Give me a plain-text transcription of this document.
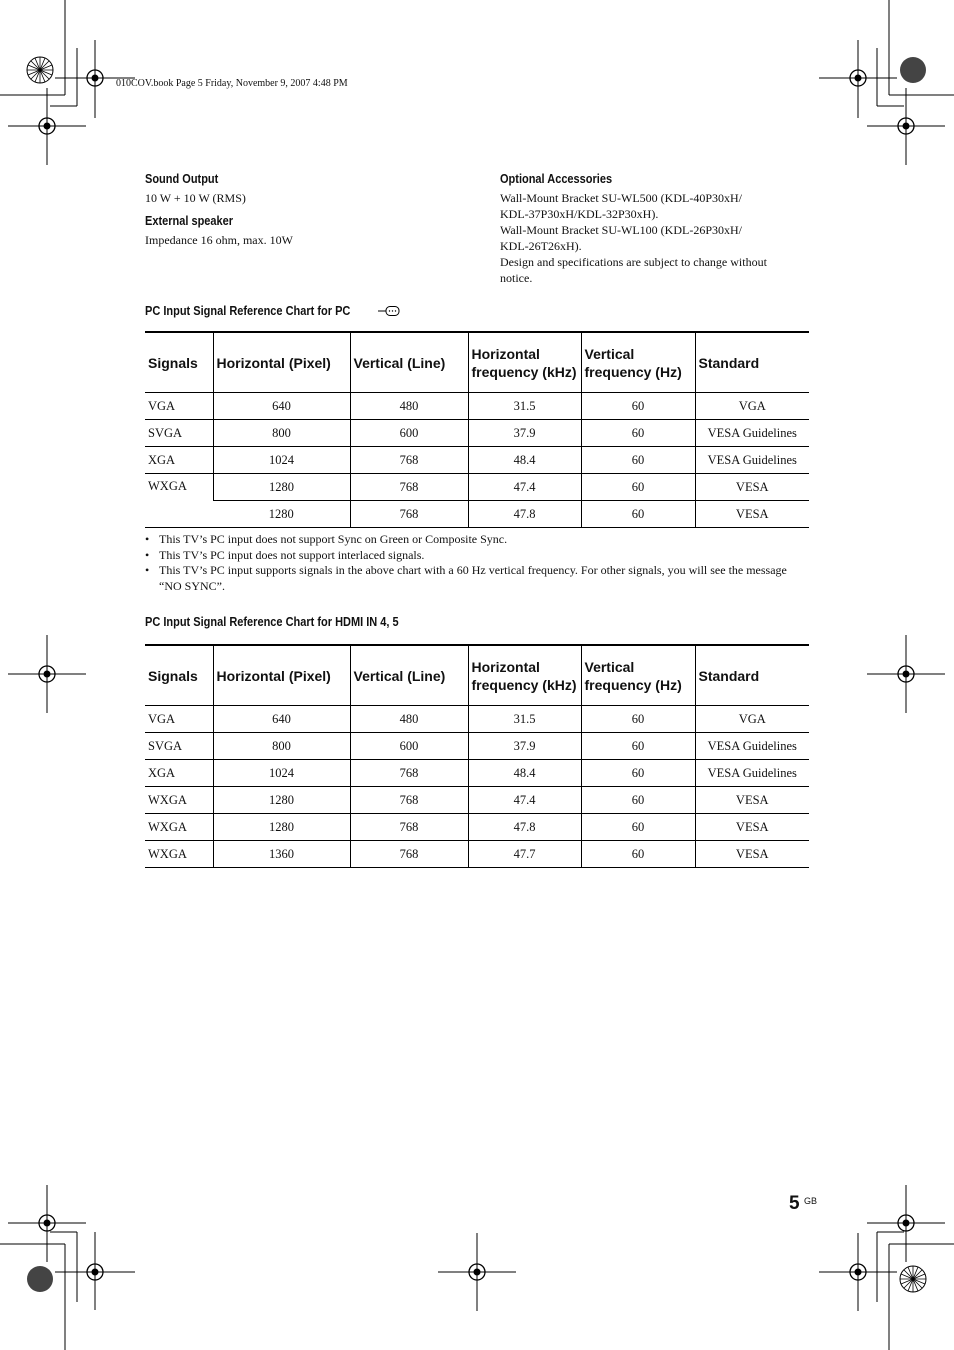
010COV.book Page 5 Friday, November 9, 2007 4:48 PM
Sound Output
10 W + 10 W (RMS)
External speaker
Impedance 16 ohm, max. 10W
Optional Accessories
Wall-Mount Bracket SU-WL500 (KDL-40P30xH/
KDL-37P30xH/KDL-32P30xH).
Wall-Mount Bracket SU-WL100 (KDL-26P30xH/
KDL-26T26xH).
Design and specifications are subject to change without
notice.
PC Input Signal Reference Chart for PC
Signals	Horizontal (Pixel)	Vertical (Line)	Horizontal frequency (kHz)	Vertical frequency (Hz)	Standard
VGA	640	480	31.5	60	VGA
SVGA	800	600	37.9	60	VESA Guidelines
XGA	1024	768	48.4	60	VESA Guidelines
WXGA	1280	768	47.4	60	VESA
	1280	768	47.8	60	VESA
• This TV’s PC input does not support Sync on Green or Composite Sync.
• This TV’s PC input does not support interlaced signals.
• This TV’s PC input supports signals in the above chart with a 60 Hz vertical frequency. For other signals, you will see the message “NO SYNC”.
PC Input Signal Reference Chart for HDMI IN 4, 5
Signals	Horizontal (Pixel)	Vertical (Line)	Horizontal frequency (kHz)	Vertical frequency (Hz)	Standard
VGA	640	480	31.5	60	VGA
SVGA	800	600	37.9	60	VESA Guidelines
XGA	1024	768	48.4	60	VESA Guidelines
WXGA	1280	768	47.4	60	VESA
WXGA	1280	768	47.8	60	VESA
WXGA	1360	768	47.7	60	VESA
5 GB
